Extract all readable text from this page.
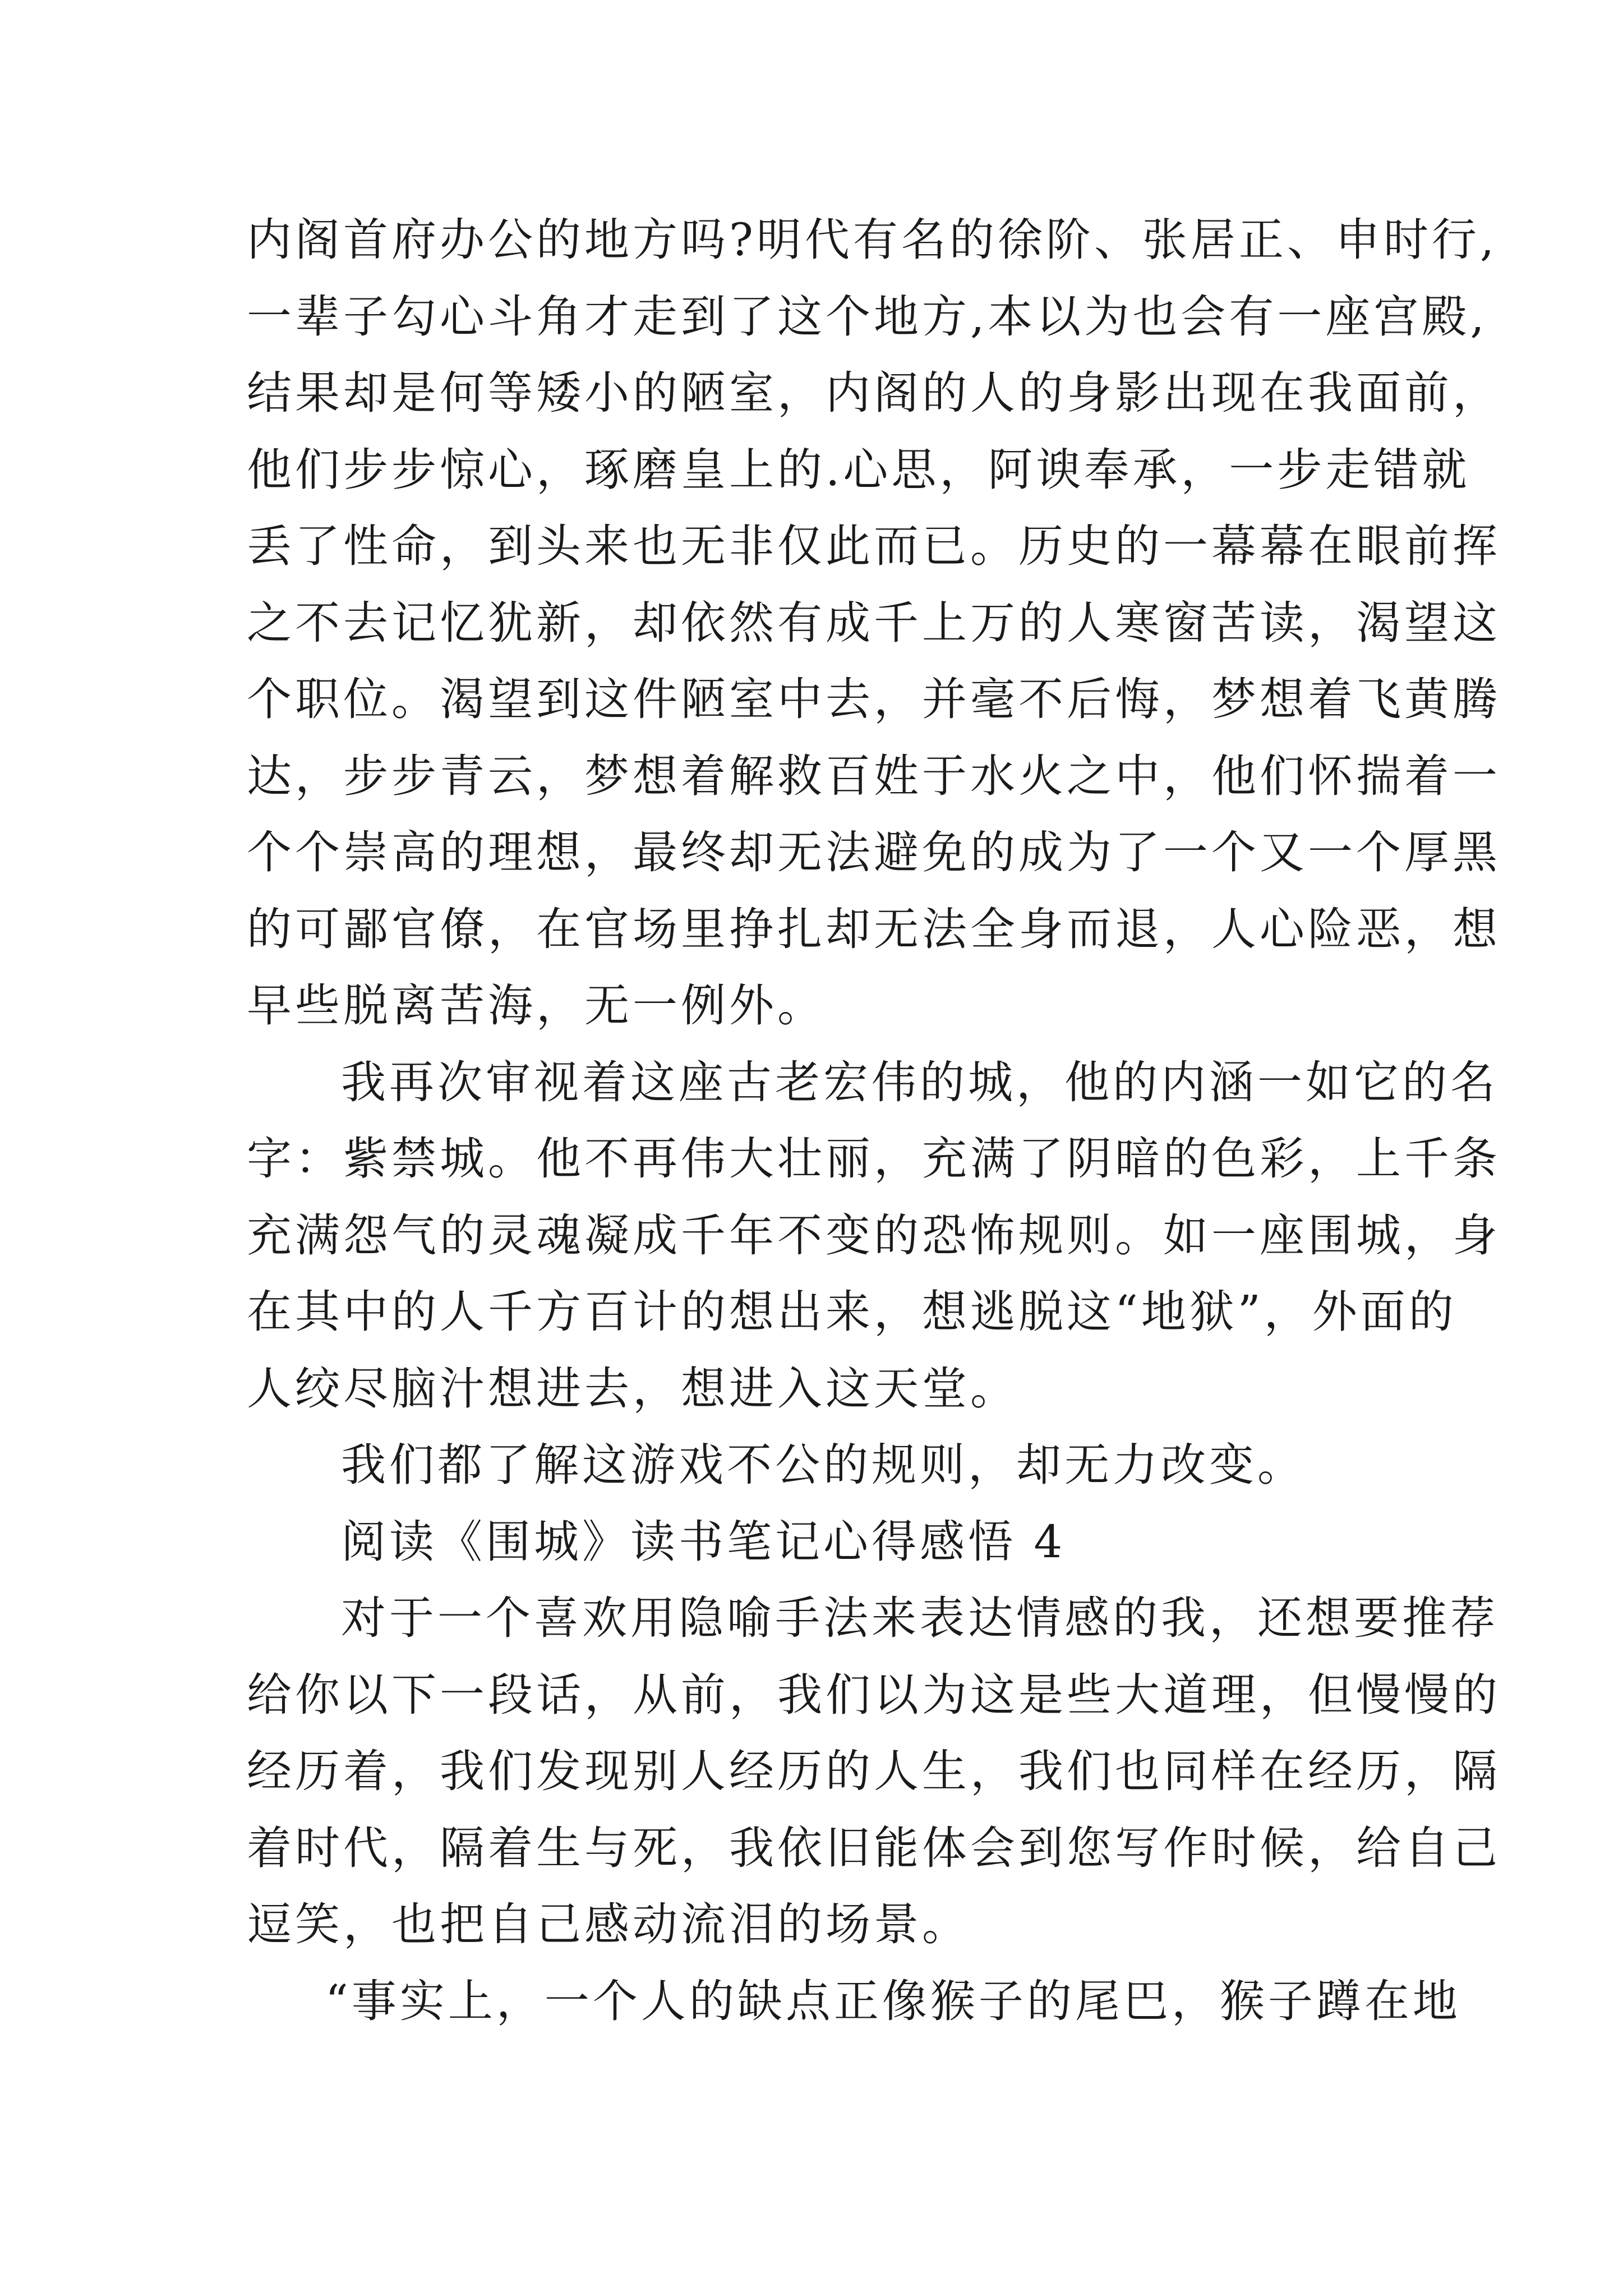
内阁首府办公的地方吗?明代有名的徐阶、张居正、申时行,
一辈子勾心斗角才走到了这个地方,本以为也会有一座宫殿,
结果却是何等矮小的陋室，内阁的人的身影出现在我面前，
他们步步惊心，琢磨皇上的.心思，阿谀奉承，一步走错就
丢了性命，到头来也无非仅此而已。历史的一幕幕在眼前挥
之不去记忆犹新，却依然有成千上万的人寒窗苦读，渴望这
个职位。渴望到这件陋室中去，并毫不后悔，梦想着飞黄腾
达，步步青云，梦想着解救百姓于水火之中，他们怀揣着一
个个崇高的理想，最终却无法避免的成为了一个又一个厚黑
的可鄙官僚，在官场里挣扎却无法全身而退，人心险恶，想
早些脱离苦海，无一例外。
我再次审视着这座古老宏伟的城，他的内涵一如它的名
字：紫禁城。他不再伟大壮丽，充满了阴暗的色彩，上千条
充满怨气的灵魂凝成千年不变的恐怖规则。如一座围城，身
在其中的人千方百计的想出来，想逃脱这“地狱”，外面的
人绞尽脑汁想进去，想进入这天堂。
我们都了解这游戏不公的规则，却无力改变。
阅读《围城》读书笔记心得感悟 4
对于一个喜欢用隐喻手法来表达情感的我，还想要推荐
给你以下一段话，从前，我们以为这是些大道理，但慢慢的
经历着，我们发现别人经历的人生，我们也同样在经历，隔
着时代，隔着生与死，我依旧能体会到您写作时候，给自己
逗笑，也把自己感动流泪的场景。
“事实上，一个人的缺点正像猴子的尾巴，猴子蹲在地
